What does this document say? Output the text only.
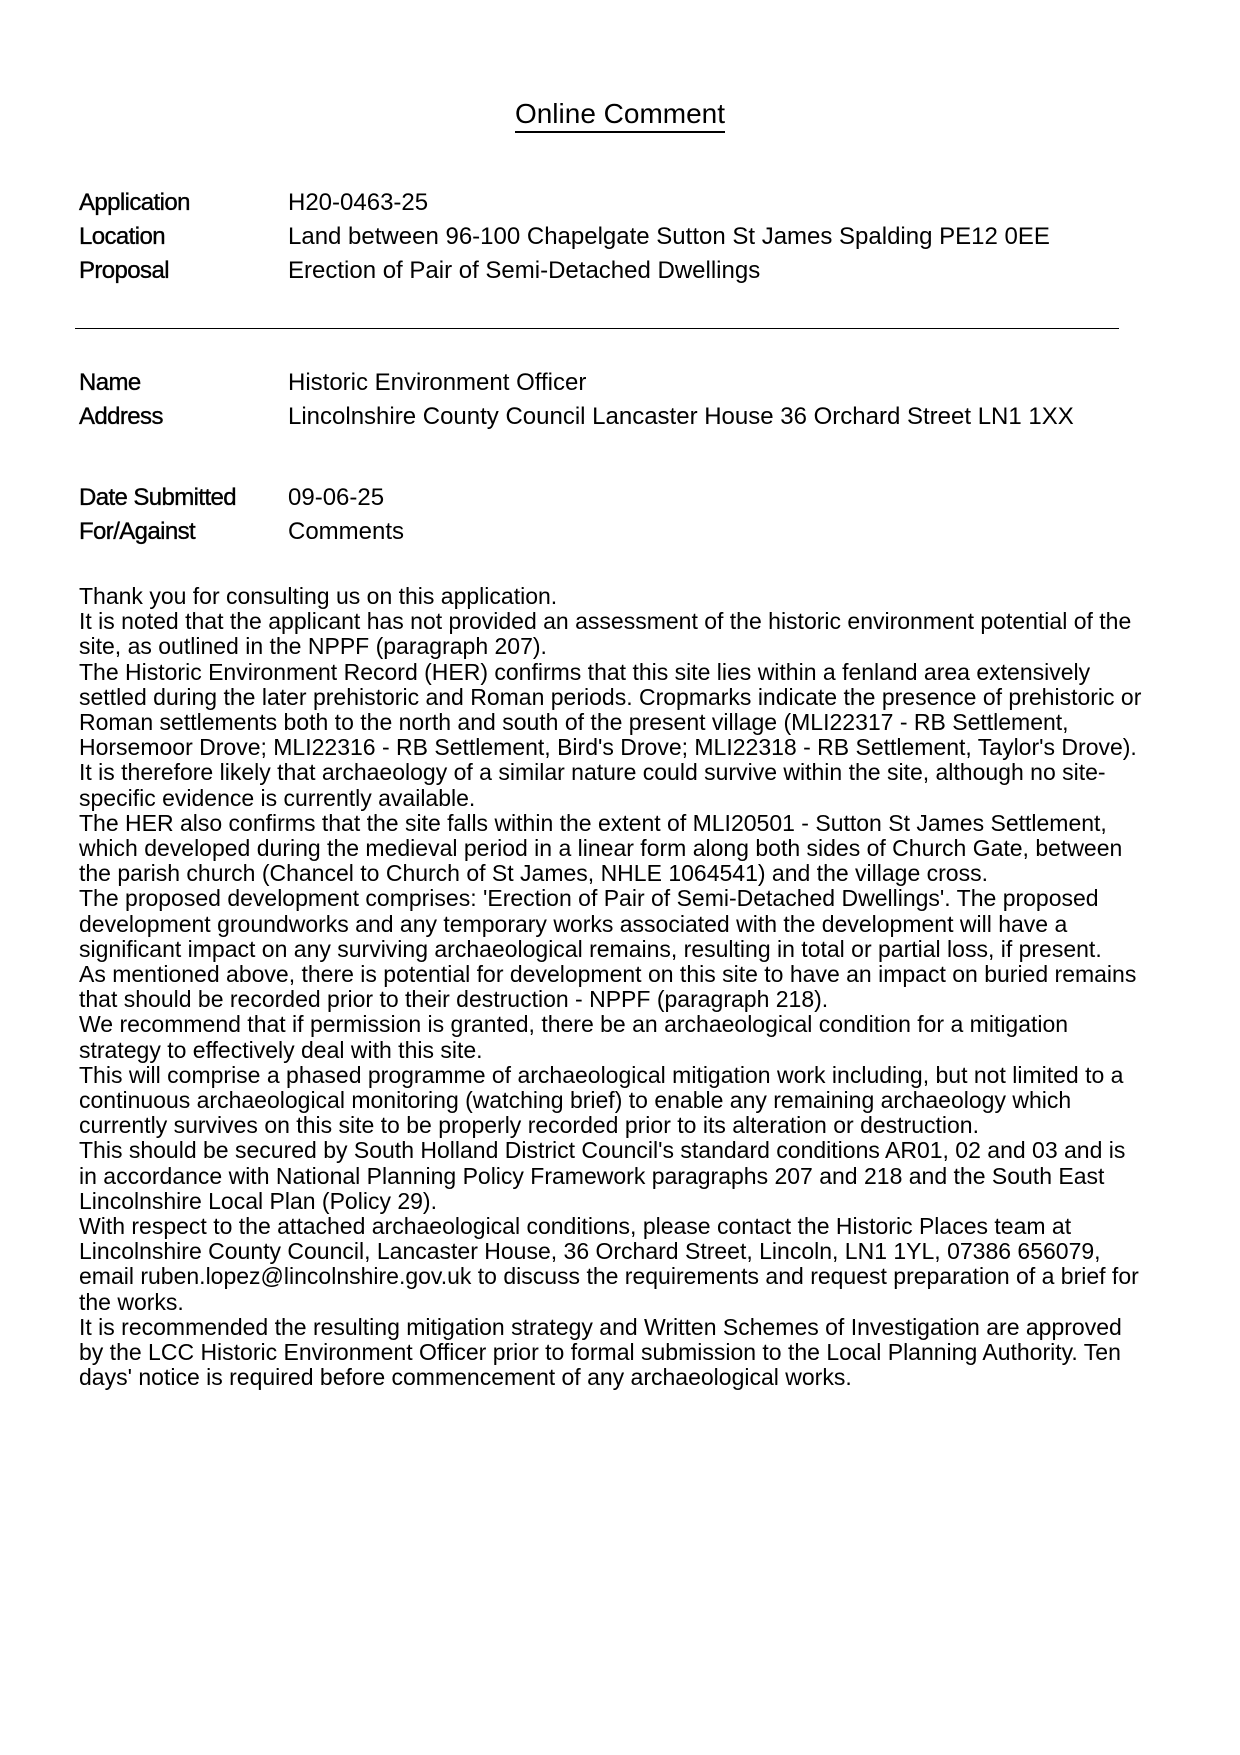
Online Comment
Application	H20-0463-25
Location	Land between 96-100 Chapelgate Sutton St James Spalding PE12 0EE
Proposal	Erection of Pair of Semi-Detached Dwellings
Name	Historic Environment Officer
Address	Lincolnshire County Council Lancaster House 36 Orchard Street LN1 1XX
Date Submitted	09-06-25
For/Against	Comments

Thank you for consulting us on this application.

It is noted that the applicant has not provided an assessment of the historic environment potential of the site, as outlined in the NPPF (paragraph 207).

The Historic Environment Record (HER) confirms that this site lies within a fenland area extensively settled during the later prehistoric and Roman periods. Cropmarks indicate the presence of prehistoric or Roman settlements both to the north and south of the present village (MLI22317 - RB Settlement, Horsemoor Drove; MLI22316 - RB Settlement, Bird's Drove; MLI22318 - RB Settlement, Taylor's Drove). It is therefore likely that archaeology of a similar nature could survive within the site, although no site-specific evidence is currently available.

The HER also confirms that the site falls within the extent of MLI20501 - Sutton St James Settlement, which developed during the medieval period in a linear form along both sides of Church Gate, between the parish church (Chancel to Church of St James, NHLE 1064541) and the village cross.

The proposed development comprises: 'Erection of Pair of Semi-Detached Dwellings'. The proposed development groundworks and any temporary works associated with the development will have a significant impact on any surviving archaeological remains, resulting in total or partial loss, if present.

As mentioned above, there is potential for development on this site to have an impact on buried remains that should be recorded prior to their destruction - NPPF (paragraph 218).

We recommend that if permission is granted, there be an archaeological condition for a mitigation strategy to effectively deal with this site.

This will comprise a phased programme of archaeological mitigation work including, but not limited to a continuous archaeological monitoring (watching brief) to enable any remaining archaeology which currently survives on this site to be properly recorded prior to its alteration or destruction.

This should be secured by South Holland District Council's standard conditions AR01, 02 and 03 and is in accordance with National Planning Policy Framework paragraphs 207 and 218 and the South East Lincolnshire Local Plan (Policy 29).

With respect to the attached archaeological conditions, please contact the Historic Places team at Lincolnshire County Council, Lancaster House, 36 Orchard Street, Lincoln, LN1 1YL, 07386 656079, email ruben.lopez@lincolnshire.gov.uk to discuss the requirements and request preparation of a brief for the works.

It is recommended the resulting mitigation strategy and Written Schemes of Investigation are approved by the LCC Historic Environment Officer prior to formal submission to the Local Planning Authority. Ten days' notice is required before commencement of any archaeological works.
